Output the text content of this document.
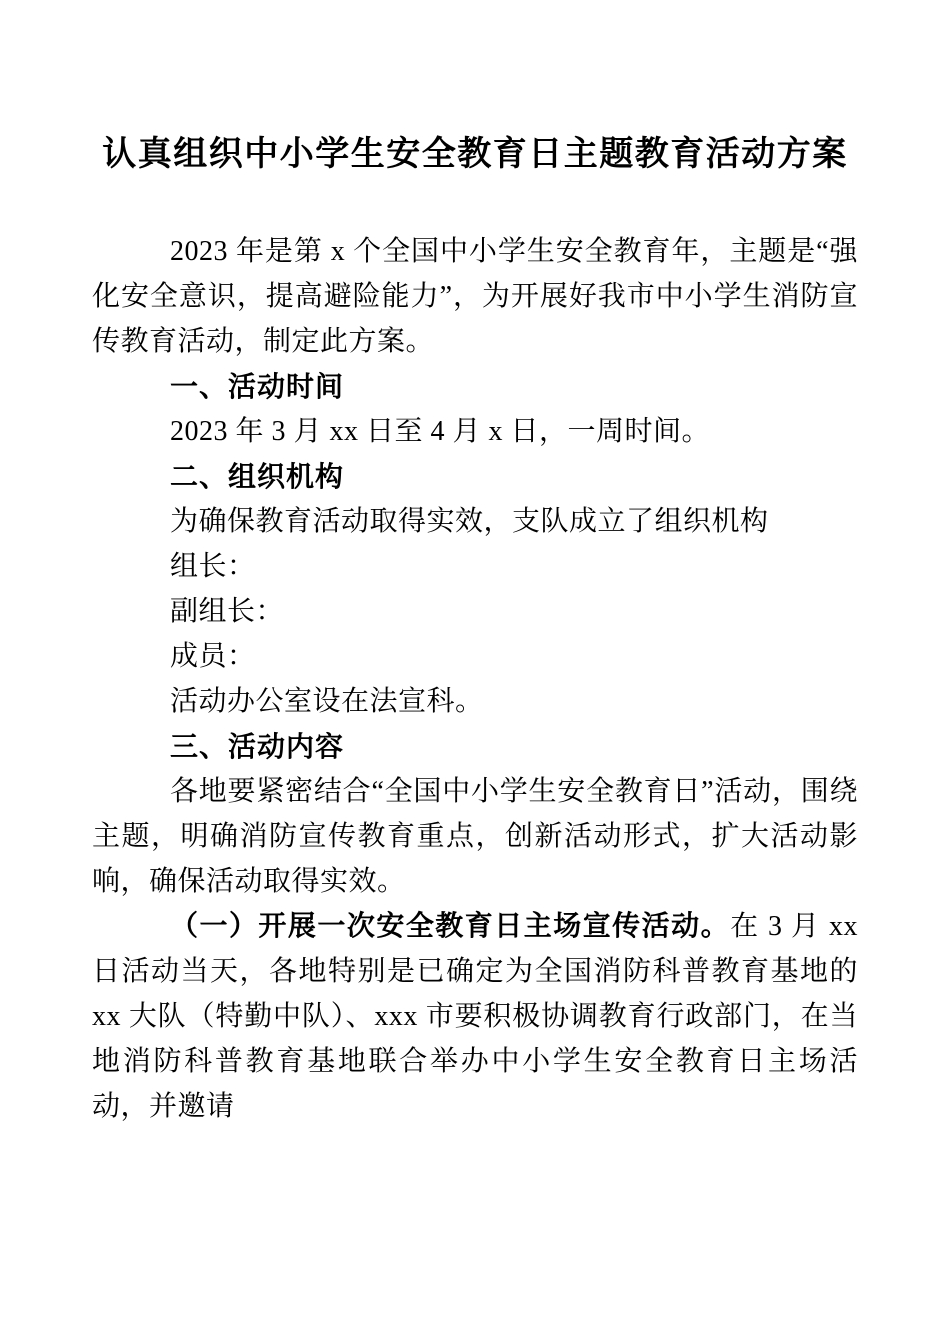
认真组织中小学生安全教育日主题教育活动方案

2023 年是第 x 个全国中小学生安全教育年，主题是“强化安全意识，提高避险能力”，为开展好我市中小学生消防宣传教育活动，制定此方案。

一、活动时间

2023 年 3 月 xx 日至 4 月 x 日，一周时间。

二、组织机构

为确保教育活动取得实效，支队成立了组织机构

组长：

副组长：

成员：

活动办公室设在法宣科。

三、活动内容

各地要紧密结合“全国中小学生安全教育日”活动，围绕主题，明确消防宣传教育重点，创新活动形式，扩大活动影响，确保活动取得实效。

（一）开展一次安全教育日主场宣传活动。在 3 月 xx 日活动当天，各地特别是已确定为全国消防科普教育基地的 xx 大队（特勤中队）、xxx 市要积极协调教育行政部门，在当地消防科普教育基地联合举办中小学生安全教育日主场活动，并邀请
